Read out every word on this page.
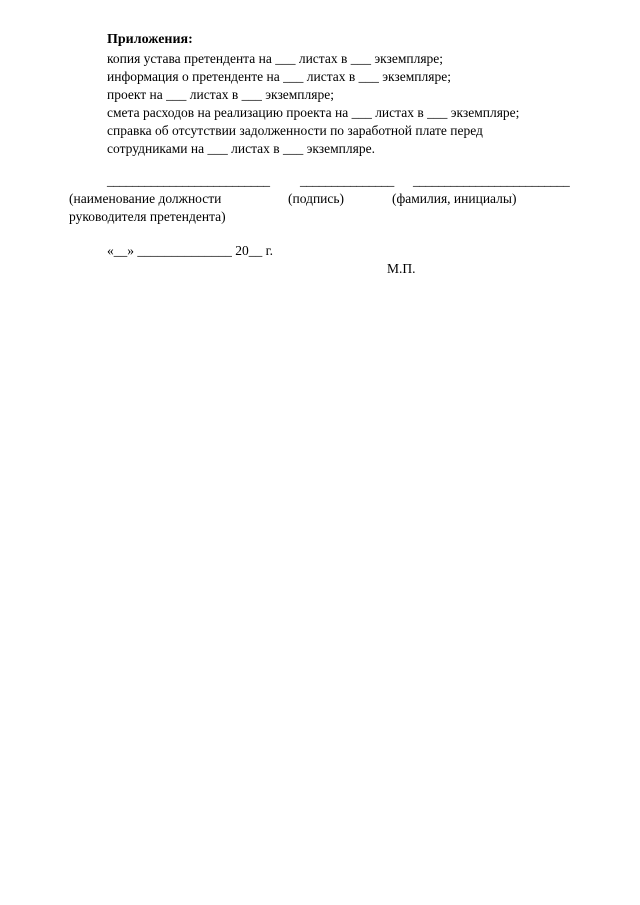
Приложения:
копия устава претендента на ___ листах в ___ экземпляре;
информация о претенденте на ___ листах в ___ экземпляре;
проект на ___ листах в ___ экземпляре;
смета расходов на реализацию проекта на ___ листах в ___ экземпляре;
справка об отсутствии задолженности по заработной плате перед
сотрудниками на ___ листах в ___ экземпляре.
__________________________ _______________ _________________________
(наименование должности
руководителя претендента)
(подпись)	(фамилия, инициалы)
«__» ______________ 20__ г.
М.П.
